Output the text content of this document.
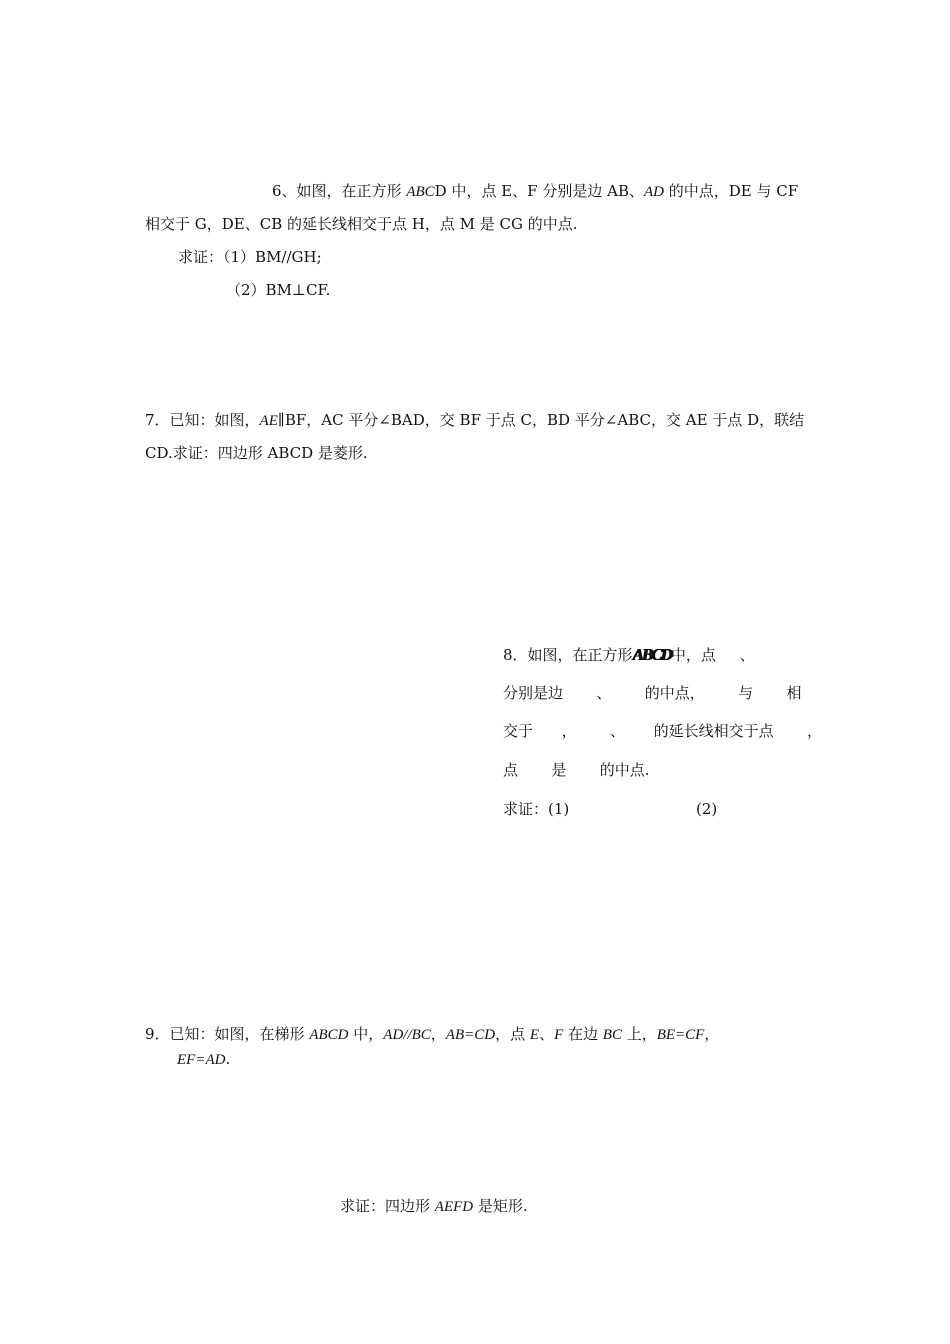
6、如图，在正方形 ABCD 中，点 E、F 分别是边 AB、AD 的中点，DE 与 CF
相交于 G，DE、CB 的延长线相交于点 H，点 M 是 CG 的中点.
求证：（1）BM//GH;
（2）BM⊥CF.
7．已知：如图，AE∥BF，AC 平分∠BAD，交 BF 于点 C，BD 平分∠ABC，交 AE 于点 D，联结
CD.求证：四边形 ABCD 是菱形.
8．如图，在正方形ABCD中，点     、
分别是边       、       的中点，       与       相
交于      ，       、      的延长线相交于点       ，
点       是       的中点.
求证：(1)	(2)
9．已知：如图，在梯形 ABCD 中，AD//BC，AB=CD，点 E、F 在边 BC 上，BE=CF，
EF=AD.
求证：四边形 AEFD 是矩形.
